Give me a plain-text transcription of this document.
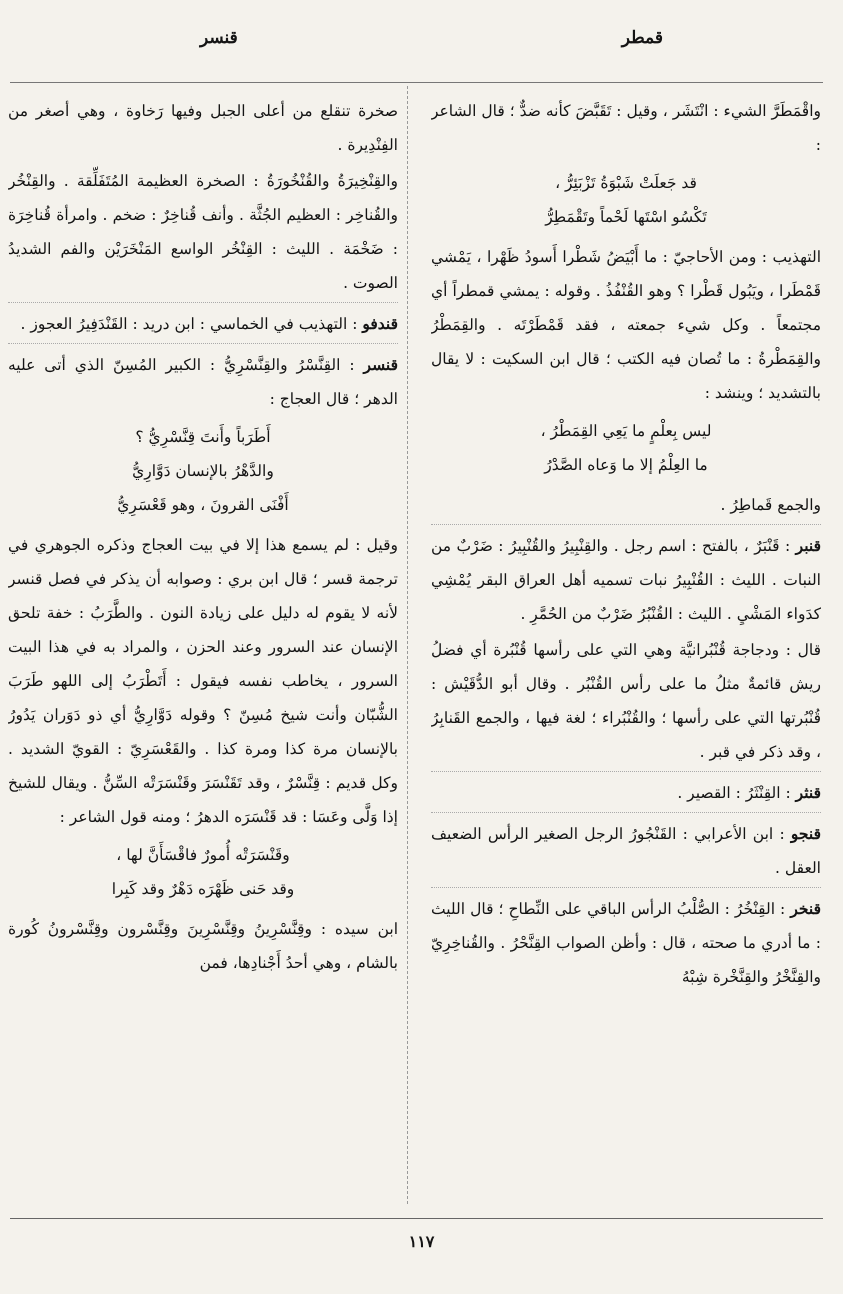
قمطر
قنسر

واقْمَطَرَّ الشيء : انْتَشَر ، وقيل : تَقَبَّضَ كأنه ضدٌّ ؛ قال الشاعر :

قد جَعلَتْ شَبْوَةُ تَزْبَئِرُّ ،
تَكْسُو اسْتَها لَحْماً وتَقْمَطِرُّ

التهذيب : ومن الأحاجيّ : ما أَبْيَضُ شَطْرا أَسودُ ظَهْرا ، يَمْشي قَمْطَرا ، ويَبُول قَطْرا ؟ وهو القُنْفُذُ . وقوله : يمشي قمطراً أي مجتمعاً . وكل شيء جمعته ، فقد قَمْطَرْتَه . والقِمَطْرُ والقِمَطْرةُ : ما تُصان فيه الكتب ؛ قال ابن السكيت : لا يقال بالتشديد ؛ وينشد :

ليس بِعلْمٍ ما يَعِي القِمَطْرُ ،
ما العِلْمُ إلا ما وَعاه الصَّدْرُ

والجمع قَماطِرُ .

قنبر : قَنْبَرٌ ، بالفتح : اسم رجل . والقِنْبِيرُ والقُنْبِيرُ : ضَرْبٌ من النبات . الليث : القُنْبِيرُ نبات تسميه أهل العراق البقر يُمْشِي كدَواء المَشْيِ . الليث : القُنْبُرُ ضَرْبٌ من الحُمَّرِ .

قال : ودجاجة قُنْبُرانيَّة وهي التي على رأسها قُنْبُرة أي فضلُ ريش قائمةٌ مثلُ ما على رأس القُنْبُر . وقال أبو الدُّقَيْش : قُنْبُرتها التي على رأسها ؛ والقُنْبُراء ؛ لغة فيها ، والجمع القَنابِرُ ، وقد ذكر في قبر .

قنثر : القِنْثَرُ : القصير .

قنجو : ابن الأعرابي : القَنْجُورُ الرجل الصغير الرأس الضعيف العقل .

قنخر : القِنْخُرُ : الصُّلْبُ الرأس الباقي على النِّطاحِ ؛ قال الليث : ما أدري ما صحته ، قال : وأظن الصواب القِنَّحْرُ . والقُناخِرِيّ والقِنَّخْرُ والقِنَّخْرة شِبْهُ

صخرة تنقلع من أعلى الجبل وفيها رَخاوة ، وهي أصغر من الفِنْدِيرة .

والقِنْخِيرَةُ والقُنْخُورَةُ : الصخرة العظيمة المُتَفَلِّقة . والقِنْخُر والقُناخِر : العظيم الجُثَّة . وأنف قُناخِرٌ : ضخم . وامرأة قُناخِرَة : ضَخْمَة . الليث : القِنْخُر الواسع المَنْخَرَيْن والفم الشديدُ الصوت .

قندفو : التهذيب في الخماسي : ابن دريد : القَنْدَفِيرُ العجوز .

قنسر : القِنَّسْرُ والقِنَّسْرِيُّ : الكبير المُسِنّ الذي أتى عليه الدهر ؛ قال العجاج :

أَطَرَباً وأَنتَ قِنَّسْرِيُّ ؟
والدَّهْرُ بالإنسان دَوَّارِيُّ
أَفْنَى القرونَ ، وهو قَعْسَرِيُّ

وقيل : لم يسمع هذا إلا في بيت العجاج وذكره الجوهري في ترجمة قسر ؛ قال ابن بري : وصوابه أن يذكر في فصل قنسر لأنه لا يقوم له دليل على زيادة النون . والطَّرَبُ : خفة تلحق الإنسان عند السرور وعند الحزن ، والمراد به في هذا البيت السرور ، يخاطب نفسه فيقول : أَتَطْرَبُ إلى اللهو طَرَبَ الشُّبّان وأنت شيخ مُسِنّ ؟ وقوله دَوَّارِيُّ أي ذو دَوَران يَدُورُ بالإنسان مرة كذا ومرة كذا . والقَعْسَرِيّ : القويّ الشديد . وكل قديم : قِنَّسْرٌ ، وقد تَقَنْسَرَ وقَنْسَرَتْه السِّنُّ . ويقال للشيخ إذا وَلَّى وعَسَا : قد قَنْسَرَه الدهرُ ؛ ومنه قول الشاعر :

وقَنْسَرَتْه أُمورٌ فاقْسَأَنَّ لها ،
وقد حَنى ظَهْرَه دَهْرٌ وقد كَبِرا

ابن سيده : وقِنَّسْرِينُ وقِنَّسْرِينَ وقِنَّسْرون وقِنَّسْرونُ كُورة بالشام ، وهي أحدُ أَجْنادِها، فمن

١١٧
